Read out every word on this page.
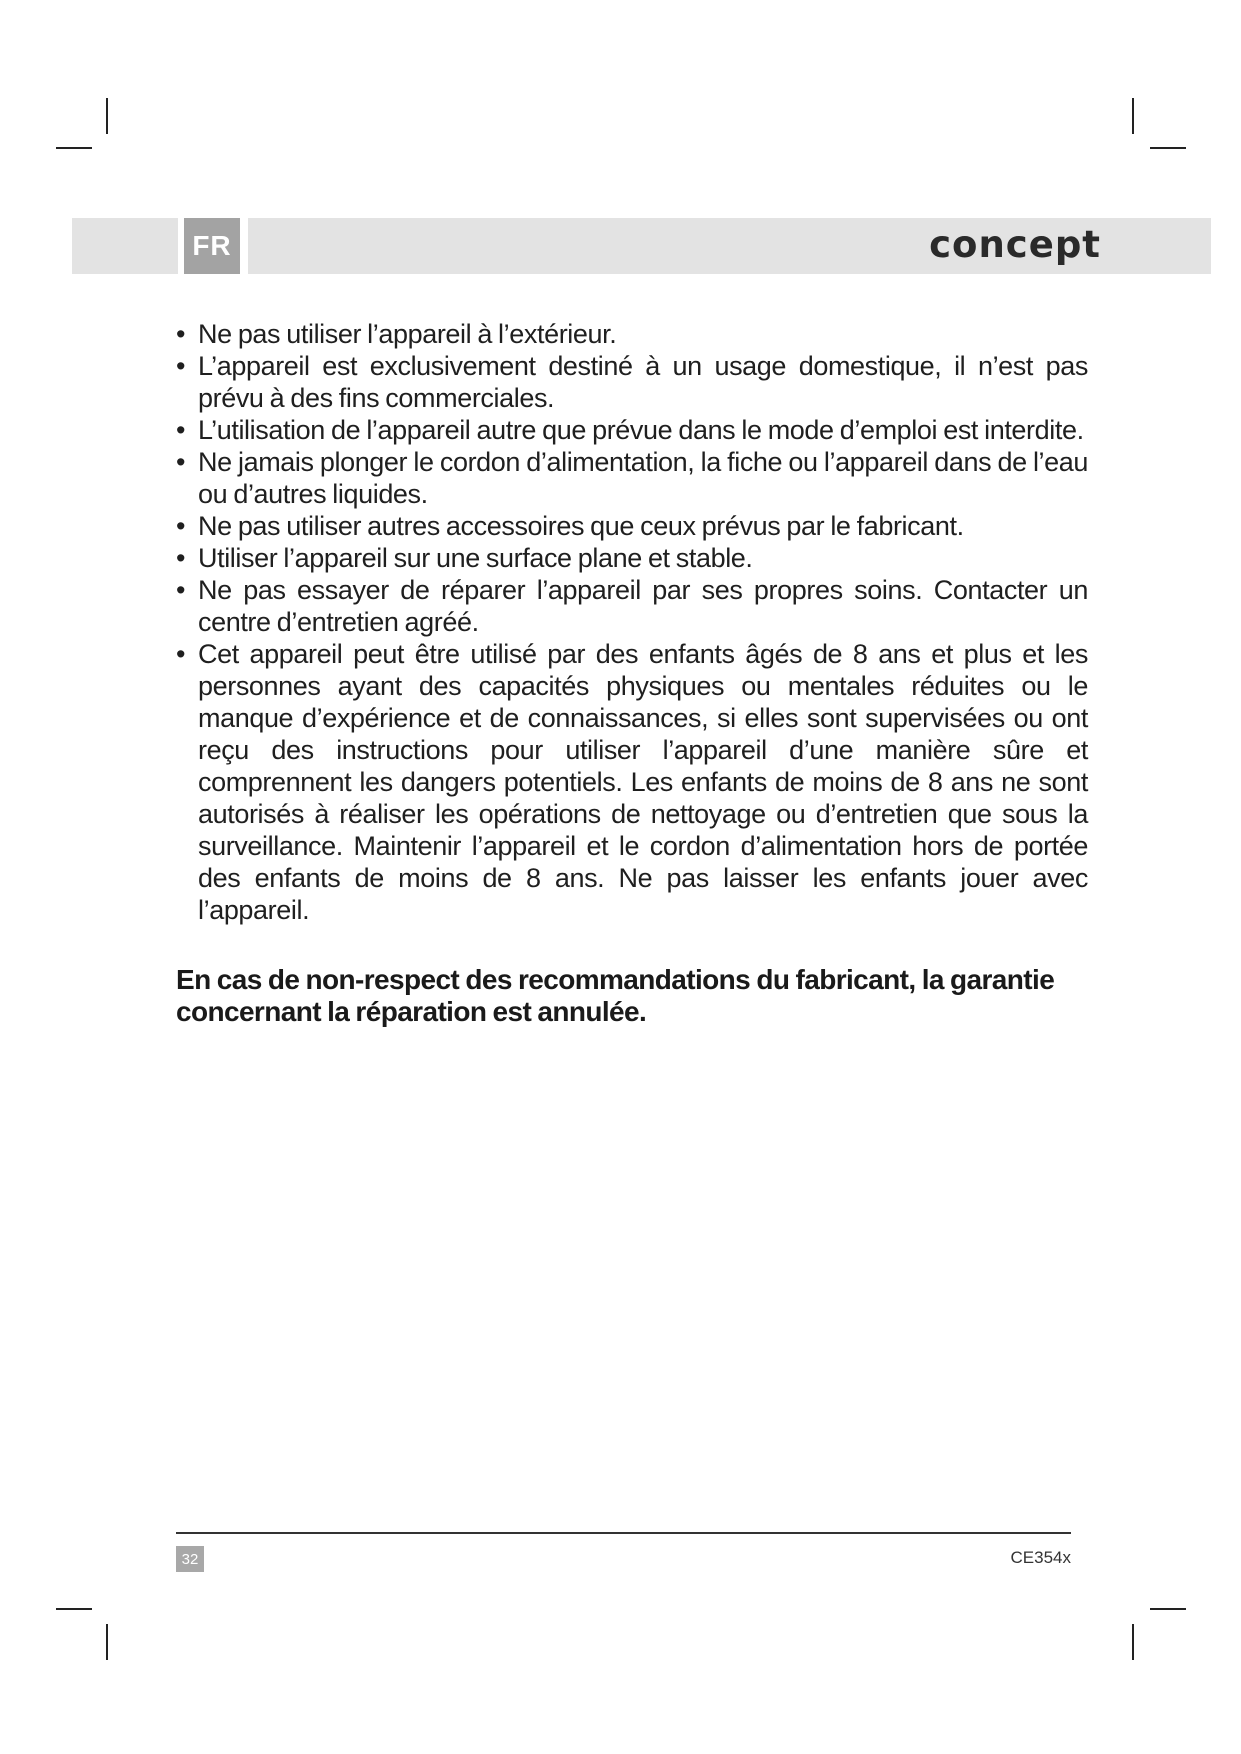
FR	concept
• Ne pas utiliser l’appareil à l’extérieur.
• L’appareil est exclusivement destiné à un usage domestique, il n’est pas prévu à des fins commerciales.
• L’utilisation de l’appareil autre que prévue dans le mode d’emploi est interdite.
• Ne jamais plonger le cordon d’alimentation, la fiche ou l’appareil dans de l’eau ou d’autres liquides.
• Ne pas utiliser autres accessoires que ceux prévus par le fabricant.
• Utiliser l’appareil sur une surface plane et stable.
• Ne pas essayer de réparer l’appareil par ses propres soins. Contacter un centre d’entretien agréé.
• Cet appareil peut être utilisé par des enfants âgés de 8 ans et plus et les personnes ayant des capacités physiques ou mentales réduites ou le manque d’expérience et de connaissances, si elles sont supervisées ou ont reçu des instructions pour utiliser l’appareil d’une manière sûre et comprennent les dangers potentiels. Les enfants de moins de 8 ans ne sont autorisés à réaliser les opérations de nettoyage ou d’entretien que sous la surveillance. Maintenir l’appareil et le cordon d’alimentation hors de portée des enfants de moins de 8 ans. Ne pas laisser les enfants jouer avec l’appareil.
En cas de non-respect des recommandations du fabricant, la garantie concernant la réparation est annulée.
32	CE354x
